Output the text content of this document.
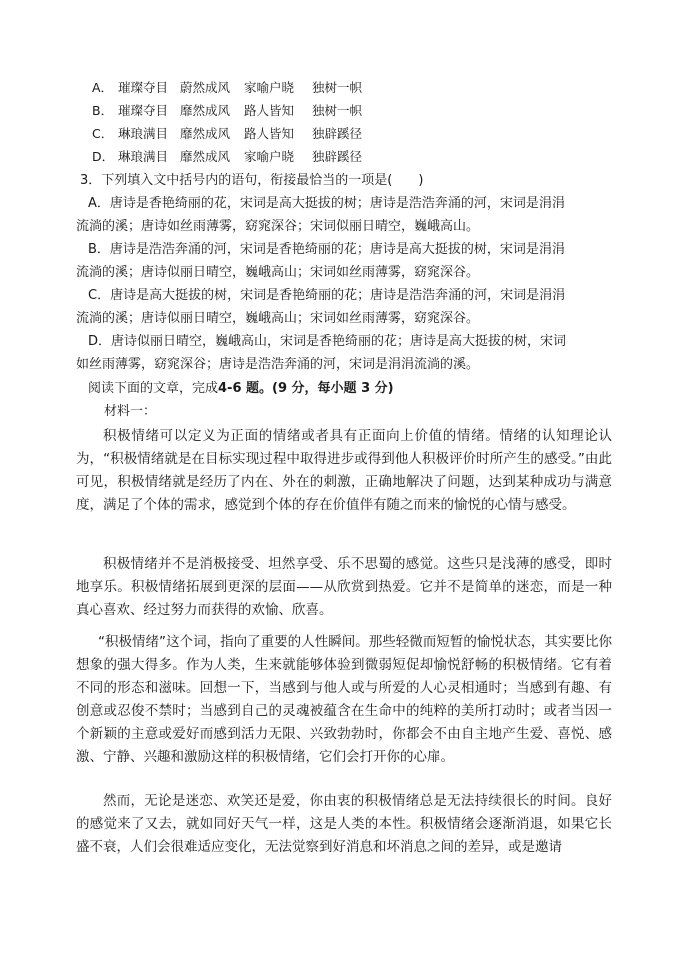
A． 璀璨夺目 蔚然成风 家喻户晓 独树一帜
B． 璀璨夺目 靡然成风 路人皆知 独树一帜
C． 琳琅满目 靡然成风 路人皆知 独辟蹊径
D． 琳琅满目 靡然成风 家喻户晓 独辟蹊径
3．下列填入文中括号内的语句，衔接最恰当的一项是(　　)
A．唐诗是香艳绮丽的花，宋词是高大挺拔的树；唐诗是浩浩奔涌的河，宋词是涓涓
流淌的溪；唐诗如丝雨薄雾，窈窕深谷；宋词似丽日晴空，巍峨高山。
B．唐诗是浩浩奔涌的河，宋词是香艳绮丽的花；唐诗是高大挺拔的树，宋词是涓涓
流淌的溪；唐诗似丽日晴空，巍峨高山；宋词如丝雨薄雾，窈窕深谷。
C．唐诗是高大挺拔的树，宋词是香艳绮丽的花；唐诗是浩浩奔涌的河，宋词是涓涓
流淌的溪；唐诗似丽日晴空，巍峨高山；宋词如丝雨薄雾，窈窕深谷。
D．唐诗似丽日晴空，巍峨高山，宋词是香艳绮丽的花；唐诗是高大挺拔的树，宋词
如丝雨薄雾，窈窕深谷；唐诗是浩浩奔涌的河，宋词是涓涓流淌的溪。
阅读下面的文章，完成4-6 题。(9 分，每小题 3 分)
材料一：

积极情绪可以定义为正面的情绪或者具有正面向上价值的情绪。情绪的认知理论认为，“积极情绪就是在目标实现过程中取得进步或得到他人积极评价时所产生的感受。”由此可见，积极情绪就是经历了内在、外在的刺激，正确地解决了问题，达到某种成功与满意度，满足了个体的需求，感觉到个体的存在价值伴有随之而来的愉悦的心情与感受。

积极情绪并不是消极接受、坦然享受、乐不思蜀的感觉。这些只是浅薄的感受，即时地享乐。积极情绪拓展到更深的层面——从欣赏到热爱。它并不是简单的迷恋，而是一种真心喜欢、经过努力而获得的欢愉、欣喜。

“积极情绪”这个词，指向了重要的人性瞬间。那些轻微而短暂的愉悦状态，其实要比你想象的强大得多。作为人类，生来就能够体验到微弱短促却愉悦舒畅的积极情绪。它有着不同的形态和滋味。回想一下，当感到与他人或与所爱的人心灵相通时；当感到有趣、有创意或忍俊不禁时；当感到自己的灵魂被蕴含在生命中的纯粹的美所打动时；或者当因一个新颖的主意或爱好而感到活力无限、兴致勃勃时，你都会不由自主地产生爱、喜悦、感激、宁静、兴趣和激励这样的积极情绪，它们会打开你的心扉。

然而，无论是迷恋、欢笑还是爱，你由衷的积极情绪总是无法持续很长的时间。良好的感觉来了又去，就如同好天气一样，这是人类的本性。积极情绪会逐渐消退，如果它长盛不衰，人们会很难适应变化，无法觉察到好消息和坏消息之间的差异，或是邀请
